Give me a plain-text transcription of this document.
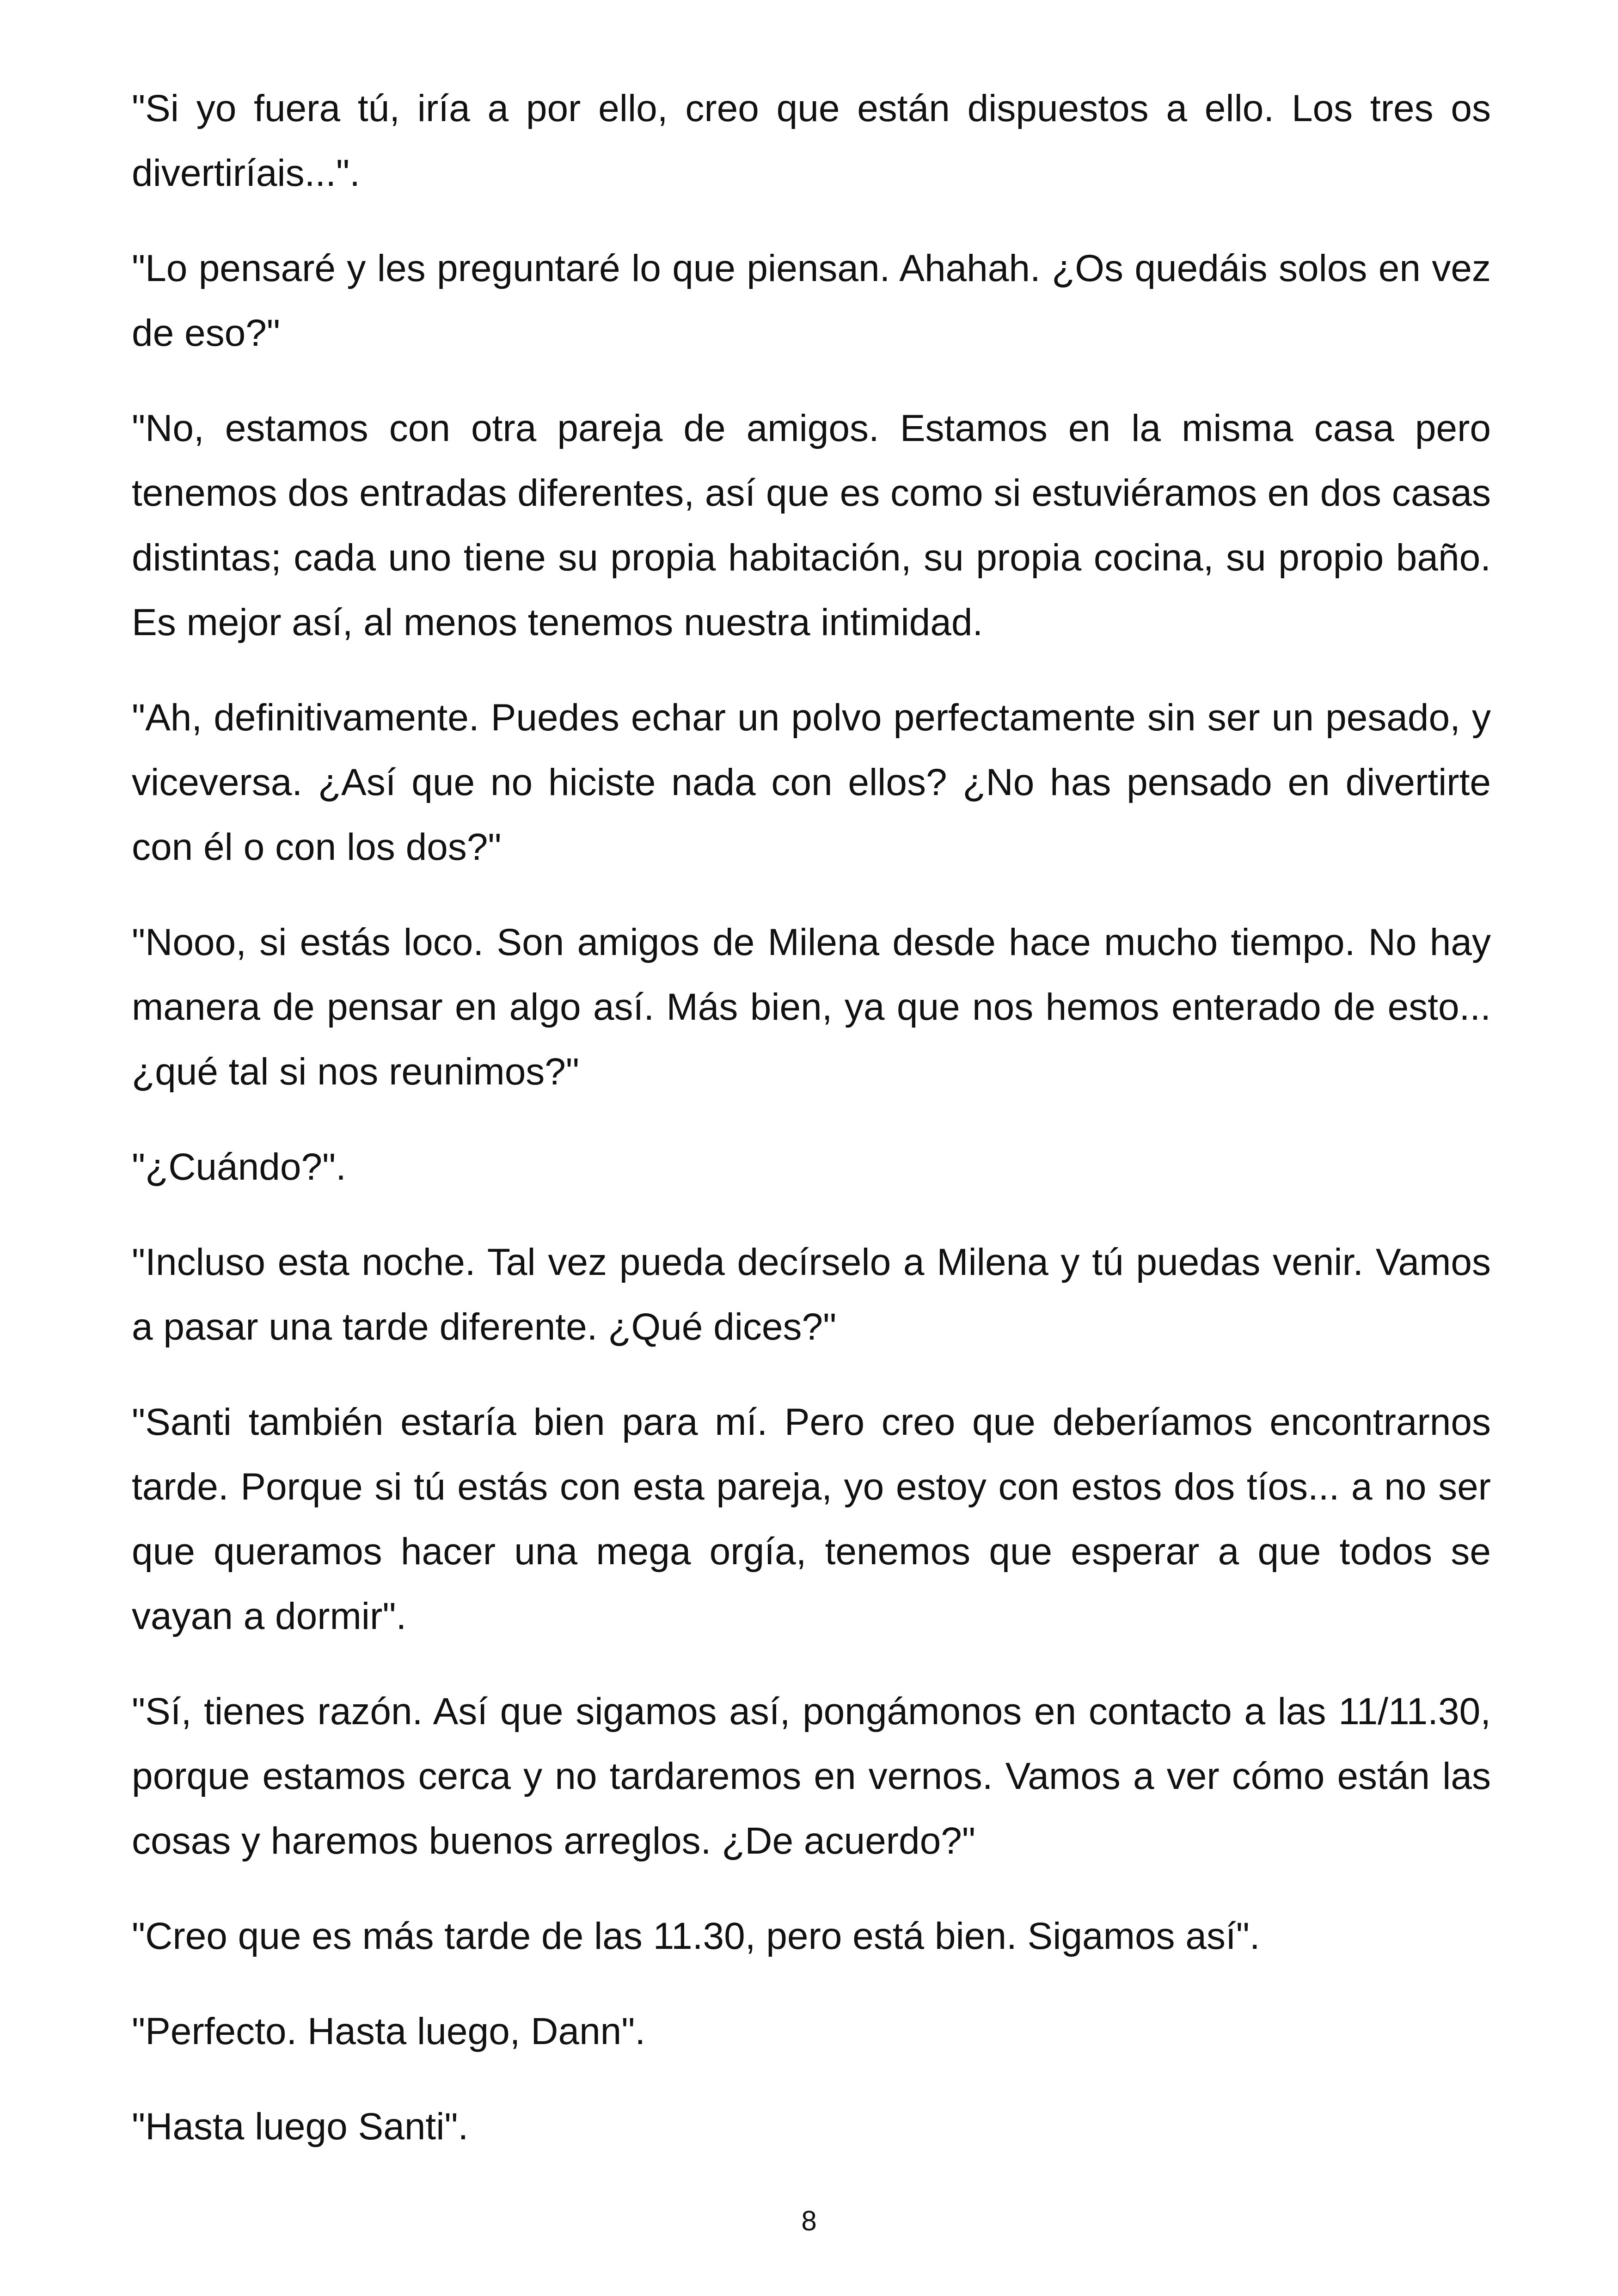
"Si yo fuera tú, iría a por ello, creo que están dispuestos a ello. Los tres os divertiríais...".

"Lo pensaré y les preguntaré lo que piensan. Ahahah. ¿Os quedáis solos en vez de eso?"

"No, estamos con otra pareja de amigos. Estamos en la misma casa pero tenemos dos entradas diferentes, así que es como si estuviéramos en dos casas distintas; cada uno tiene su propia habitación, su propia cocina, su propio baño. Es mejor así, al menos tenemos nuestra intimidad.

"Ah, definitivamente. Puedes echar un polvo perfectamente sin ser un pesado, y viceversa. ¿Así que no hiciste nada con ellos? ¿No has pensado en divertirte con él o con los dos?"

"Nooo, si estás loco. Son amigos de Milena desde hace mucho tiempo. No hay manera de pensar en algo así. Más bien, ya que nos hemos enterado de esto... ¿qué tal si nos reunimos?"

"¿Cuándo?".

"Incluso esta noche. Tal vez pueda decírselo a Milena y tú puedas venir. Vamos a pasar una tarde diferente. ¿Qué dices?"

"Santi también estaría bien para mí. Pero creo que deberíamos encontrarnos tarde. Porque si tú estás con esta pareja, yo estoy con estos dos tíos... a no ser que queramos hacer una mega orgía, tenemos que esperar a que todos se vayan a dormir".

"Sí, tienes razón. Así que sigamos así, pongámonos en contacto a las 11/11.30, porque estamos cerca y no tardaremos en vernos. Vamos a ver cómo están las cosas y haremos buenos arreglos. ¿De acuerdo?"

"Creo que es más tarde de las 11.30, pero está bien. Sigamos así".

"Perfecto. Hasta luego, Dann".

"Hasta luego Santi".

8
